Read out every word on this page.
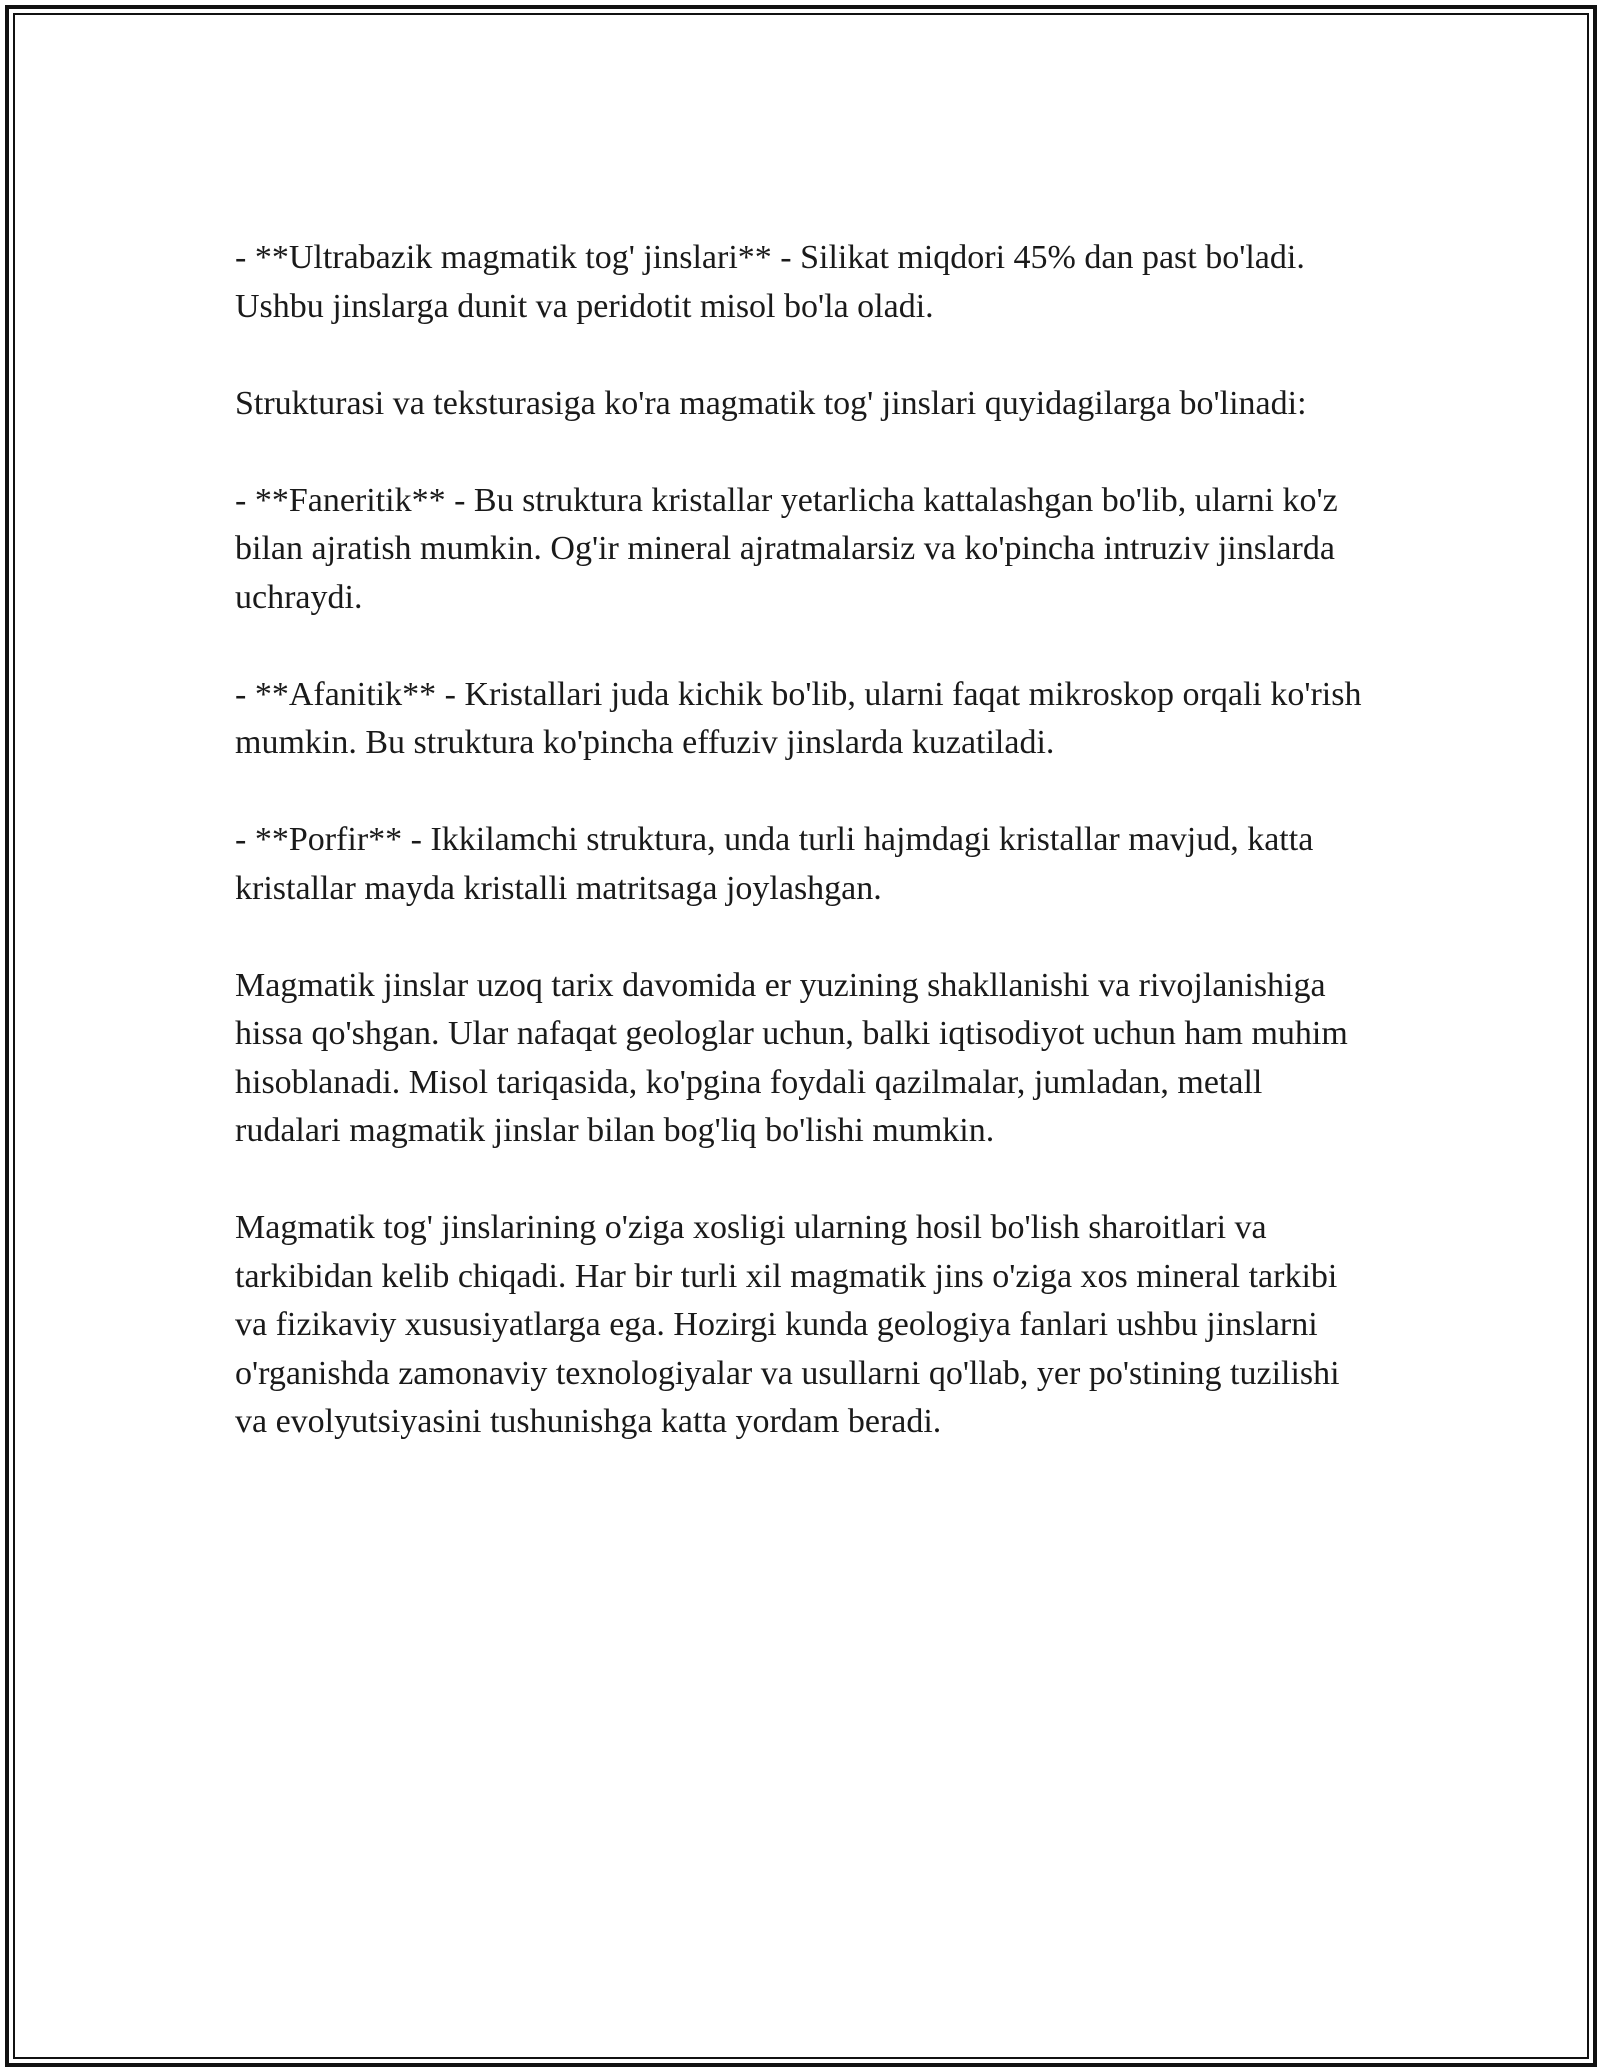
- **Ultrabazik magmatik tog' jinslari** - Silikat miqdori 45% dan past bo'ladi. Ushbu jinslarga dunit va peridotit misol bo'la oladi.

Strukturasi va teksturasiga ko'ra magmatik tog' jinslari quyidagilarga bo'linadi:

- **Faneritik** - Bu struktura kristallar yetarlicha kattalashgan bo'lib, ularni ko'z bilan ajratish mumkin. Og'ir mineral ajratmalarsiz va ko'pincha intruziv jinslarda uchraydi.

- **Afanitik** - Kristallari juda kichik bo'lib, ularni faqat mikroskop orqali ko'rish mumkin. Bu struktura ko'pincha effuziv jinslarda kuzatiladi.

- **Porfir** - Ikkilamchi struktura, unda turli hajmdagi kristallar mavjud, katta kristallar mayda kristalli matritsaga joylashgan.

Magmatik jinslar uzoq tarix davomida er yuzining shakllanishi va rivojlanishiga hissa qo'shgan. Ular nafaqat geologlar uchun, balki iqtisodiyot uchun ham muhim hisoblanadi. Misol tariqasida, ko'pgina foydali qazilmalar, jumladan, metall rudalari magmatik jinslar bilan bog'liq bo'lishi mumkin.

Magmatik tog' jinslarining o'ziga xosligi ularning hosil bo'lish sharoitlari va tarkibidan kelib chiqadi. Har bir turli xil magmatik jins o'ziga xos mineral tarkibi va fizikaviy xususiyatlarga ega. Hozirgi kunda geologiya fanlari ushbu jinslarni o'rganishda zamonaviy texnologiyalar va usullarni qo'llab, yer po'stining tuzilishi va evolyutsiyasini tushunishga katta yordam beradi.
